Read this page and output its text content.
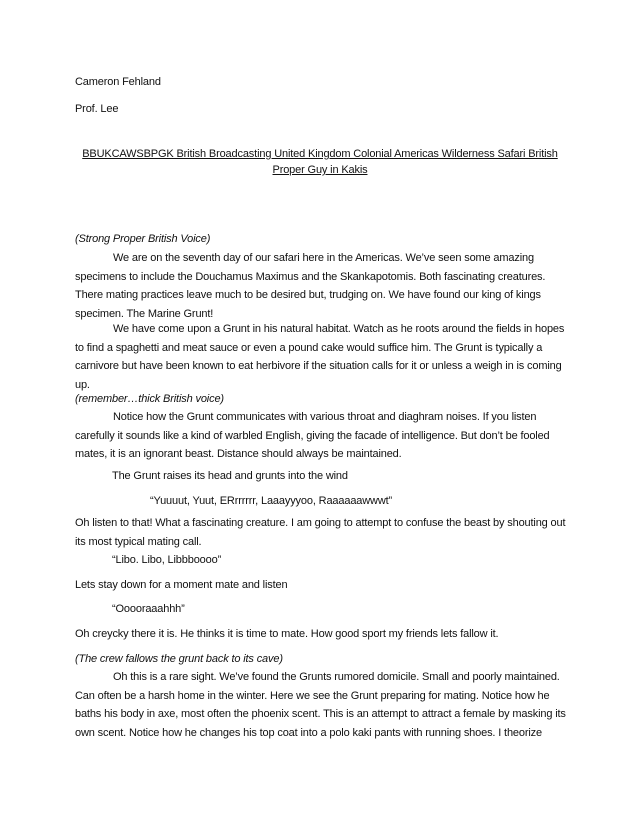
Cameron Fehland
Prof. Lee
BBUKCAWSBPGK British Broadcasting United Kingdom Colonial Americas Wilderness Safari British Proper Guy in Kakis
(Strong Proper British Voice)
We are on the seventh day of our safari here in the Americas. We’ve seen some amazing specimens to include the Douchamus Maximus and the Skankapotomis. Both fascinating creatures. There mating practices leave much to be desired but, trudging on. We have found our king of kings specimen. The Marine Grunt!
We have come upon a Grunt in his natural habitat. Watch as he roots around the fields in hopes to find a spaghetti and meat sauce or even a pound cake would suffice him. The Grunt is typically a carnivore but have been known to eat herbivore if the situation calls for it or unless a weigh in is coming up.
(remember…thick British voice)
Notice how the Grunt communicates with various throat and diaghram noises. If you listen carefully it sounds like a kind of warbled English, giving the facade of intelligence. But don’t be fooled mates, it is an ignorant beast. Distance should always be maintained.
The Grunt raises its head and grunts into the wind
“Yuuuut, Yuut, ERrrrrrr, Laaayyyoo, Raaaaaawwwt”
Oh listen to that! What a fascinating creature. I am going to attempt to confuse the beast by shouting out its most typical mating call.
“Libo. Libo, Libbboooo”
Lets stay down for a moment mate and listen
“Ooooraaahhh”
Oh creycky there it is. He thinks it is time to mate. How good sport my friends lets fallow it.
(The crew fallows the grunt back to its cave)
Oh this is a rare sight. We’ve found the Grunts rumored domicile. Small and poorly maintained. Can often be a harsh home in the winter. Here we see the Grunt preparing for mating. Notice how he baths his body in axe, most often the phoenix scent. This is an attempt to attract a female by masking its own scent. Notice how he changes his top coat into a polo kaki pants with running shoes. I theorize
